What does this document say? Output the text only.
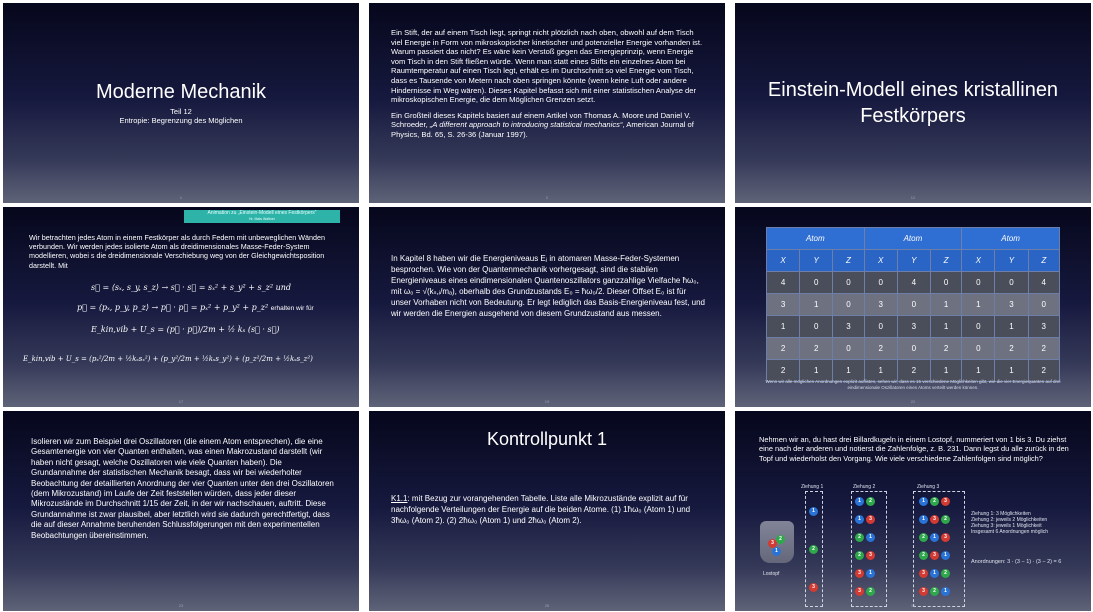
Moderne Mechanik
Teil 12
Entropie: Begrenzung des Möglichen
1

Ein Stift, der auf einem Tisch liegt, springt nicht plötzlich nach oben, obwohl auf dem Tisch viel Energie in Form von mikroskopischer kinetischer und potenzieller Energie vorhanden ist. Warum passiert das nicht? Es wäre kein Verstoß gegen das Energieprinzip, wenn Energie vom Tisch in den Stift fließen würde. Wenn man statt eines Stifts ein einzelnes Atom bei Raumtemperatur auf einen Tisch legt, erhält es im Durchschnitt so viel Energie vom Tisch, dass es Tausende von Metern nach oben springen könnte (wenn keine Luft oder andere Hindernisse im Weg wären). Dieses Kapitel befasst sich mit einer statistischen Analyse der mikroskopischen Energie, die dem Möglichen Grenzen setzt.

Ein Großteil dieses Kapitels basiert auf einem Artikel von Thomas A. Moore und Daniel V. Schroeder, „A different approach to introducing statistical mechanics“, American Journal of Physics, Bd. 65, S. 26-36 (Januar 1997).

2
Einstein-Modell eines kristallinen Festkörpers
12
Animation zu „Einstein-Modell eines Festkörpers“
Hr. Mats Waltner
Wir betrachten jedes Atom in einem Festkörper als durch Federn mit unbeweglichen Wänden verbunden. Wir werden jedes isolierte Atom als dreidimensionales Masse-Feder-System modellieren, wobei s die dreidimensionale Verschiebung weg von der Gleichgewichtsposition darstellt. Mit
s⃗ = ⟨sₓ, s_y, s_z⟩ → s⃗ · s⃗ = sₓ² + s_y² + s_z² und
p⃗ = ⟨pₓ, p_y, p_z⟩ → p⃗ · p⃗ = pₓ² + p_y² + p_z² erhalten wir für
E_kin,vib + U_s = (p⃗ · p⃗)/2m + ½ kₛ (s⃗ · s⃗)
E_kin,vib + U_s = (pₓ²/2m + ½kₛsₓ²) + (p_y²/2m + ½kₛs_y²) + (p_z²/2m + ½kₛs_z²)
17
In Kapitel 8 haben wir die Energieniveaus Eⱼ in atomaren Masse-Feder-Systemen besprochen. Wie von der Quantenmechanik vorhergesagt, sind die stabilen Energieniveaus eines eindimensionalen Quantenoszillators ganzzahlige Vielfache ħω₀, mit ω₀ = √(kₛ,ᵢ/mₐ), oberhalb des Grundzustands E₀ = ħω₀/2. Dieser Offset E₀ ist für unser Vorhaben nicht von Bedeutung. Er legt lediglich das Basis-Energieniveau fest, und wir werden die Energien ausgehend von diesem Grundzustand aus messen.
19
Atom			Atom			Atom		
X	Y	Z	X	Y	Z	X	Y	Z
4	0	0	0	4	0	0	0	4
3	1	0	3	0	1	1	3	0
1	0	3	0	3	1	0	1	3
2	2	0	2	0	2	0	2	2
2	1	1	1	2	1	1	1	2
Wenn wir alle möglichen Anordnungen explizit auflisten, sehen wir, dass es 15 verschiedene Möglichkeiten gibt, wie die vier Energiequanten auf drei eindimensionale Oszillatoren eines Atoms verteilt werden können.
22
Isolieren wir zum Beispiel drei Oszillatoren (die einem Atom entsprechen), die eine Gesamtenergie von vier Quanten enthalten, was einen Makrozustand darstellt (wir haben nicht gesagt, welche Oszillatoren wie viele Quanten haben). Die Grundannahme der statistischen Mechanik besagt, dass wir bei wiederholter Beobachtung der detaillierten Anordnung der vier Quanten unter den drei Oszillatoren (dem Mikrozustand) im Laufe der Zeit feststellen würden, dass jeder dieser Mikrozustände im Durchschnitt 1/15 der Zeit, in der wir nachschauen, auftritt. Diese Grundannahme ist zwar plausibel, aber letztlich wird sie dadurch gerechtfertigt, dass die auf dieser Annahme beruhenden Schlussfolgerungen mit den experimentellen Beobachtungen übereinstimmen.
23
Kontrollpunkt 1
K1.1: mit Bezug zur vorangehenden Tabelle. Liste alle Mikrozustände explizit auf für nachfolgende Verteilungen der Energie auf die beiden Atome. (1) 1ħω₀ (Atom 1) und 3ħω₀ (Atom 2). (2) 2ħω₀ (Atom 1) und 2ħω₀ (Atom 2).
26
Nehmen wir an, du hast drei Billardkugeln in einem Lostopf, nummeriert von 1 bis 3. Du ziehst eine nach der anderen und notierst die Zahlenfolge, z. B. 231. Dann legst du alle zurück in den Topf und wiederholst den Vorgang. Wie viele verschiedene Zahlenfolgen sind möglich?
Ziehung 1	Ziehung 2	Ziehung 3
Lostopf
Ziehung 1: 3 Möglichkeiten
Ziehung 2: jeweils 2 Möglichkeiten
Ziehung 3: jeweils 1 Möglichkeit
Insgesamt 6 Anordnungen möglich
Anordnungen: 3 · (3 − 1) · (3 − 2) = 6
32
1
2
3
1	2	1	2	3
1	3	1	3	2
2	1	2	1	3
2	3	2	3	1
3	1	3	1	2
3	2	3	2	1
3
2
1
